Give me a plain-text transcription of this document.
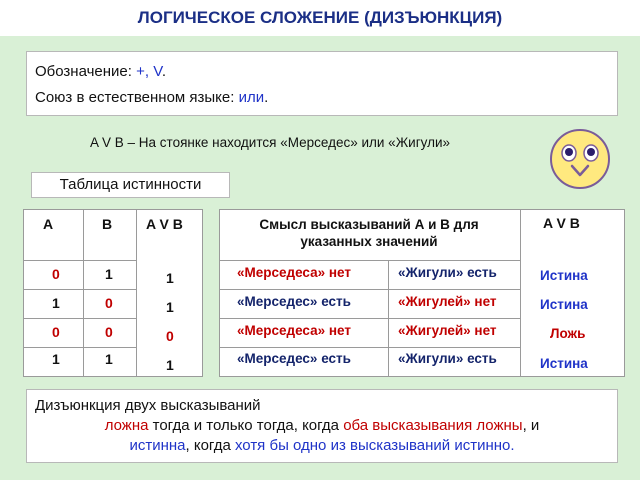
ЛОГИЧЕСКОЕ СЛОЖЕНИЕ (ДИЗЪЮНКЦИЯ)
Обозначение: +, V.
Союз в естественном языке: или.
A V B – На стоянке находится «Мерседес» или «Жигули»
Таблица истинности
A	B A V B
0	1	1
1	0	1
0	0	0
1	1	1
Смысл высказываний А и В для указанных значений
A V B
«Мерседеса» нет	«Жигули» есть	Истина
«Мерседес» есть	«Жигулей» нет	Истина
«Мерседеса» нет	«Жигулей» нет	Ложь
«Мерседес» есть	«Жигули» есть	Истина
Дизъюнкция двух высказываний
ложна тогда и только тогда, когда оба высказывания ложны, и
истинна, когда хотя бы одно из высказываний истинно.
